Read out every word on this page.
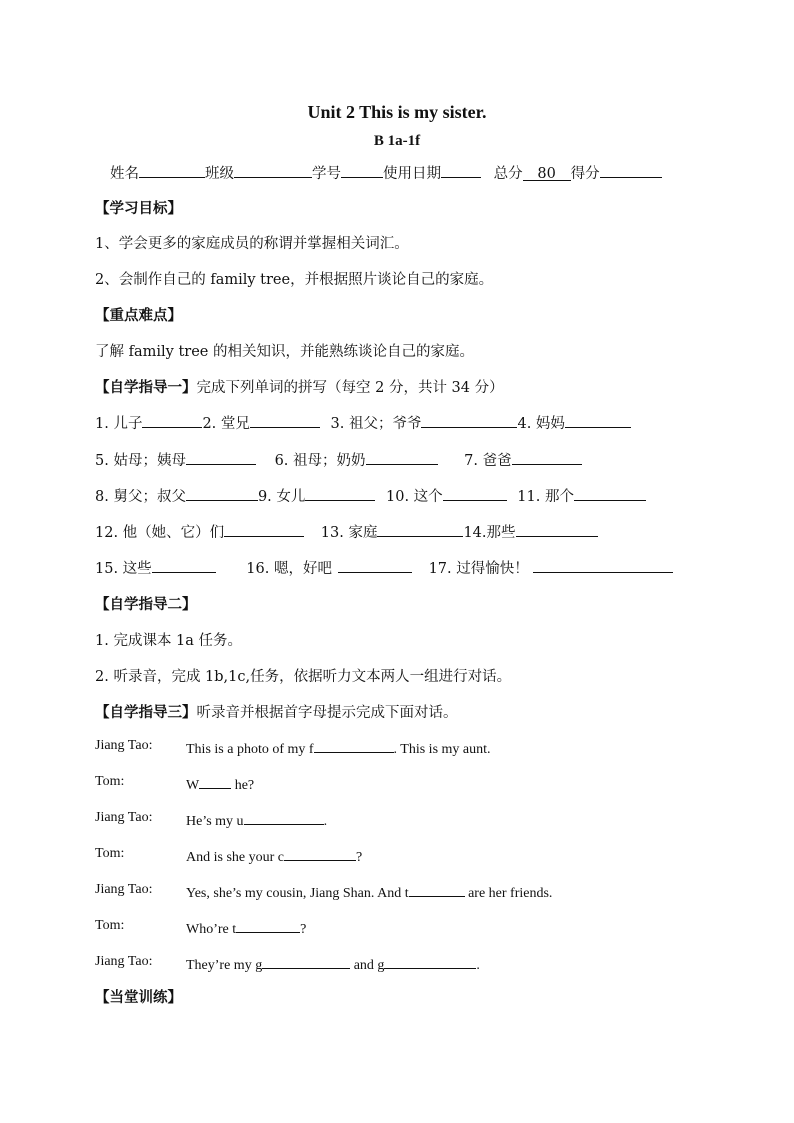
Unit 2 This is my sister.
B 1a-1f
姓名	班级	学号	使用日期	总分 80 得分
【学习目标】
1、学会更多的家庭成员的称谓并掌握相关词汇。
2、会制作自己的 family tree，并根据照片谈论自己的家庭。
【重点难点】
了解 family tree 的相关知识，并能熟练谈论自己的家庭。
【自学指导一】完成下列单词的拼写（每空 2 分，共计 34 分）
1. 儿子	2. 堂兄	3. 祖父；爷爷	4. 妈妈
5. 姑母；姨母	6. 祖母；奶奶	7. 爸爸
8. 舅父；叔父	9. 女儿	10. 这个	11. 那个
12. 他（她、它）们	13. 家庭	14.那些
15. 这些	16. 嗯，好吧	17. 过得愉快！
【自学指导二】
1. 完成课本 1a 任务。
2. 听录音，完成 1b,1c,任务，依据听力文本两人一组进行对话。
【自学指导三】听录音并根据首字母提示完成下面对话。
Jiang Tao: This is a photo of my f	. This is my aunt.
Tom:	W he?
Jiang Tao: He’s my u	.
Tom:	And is she your c	?
Jiang Tao: Yes, she’s my cousin, Jiang Shan. And t	are her friends.
Tom:	Who’re t	?
Jiang Tao: They’re my g	and g	.
【当堂训练】
